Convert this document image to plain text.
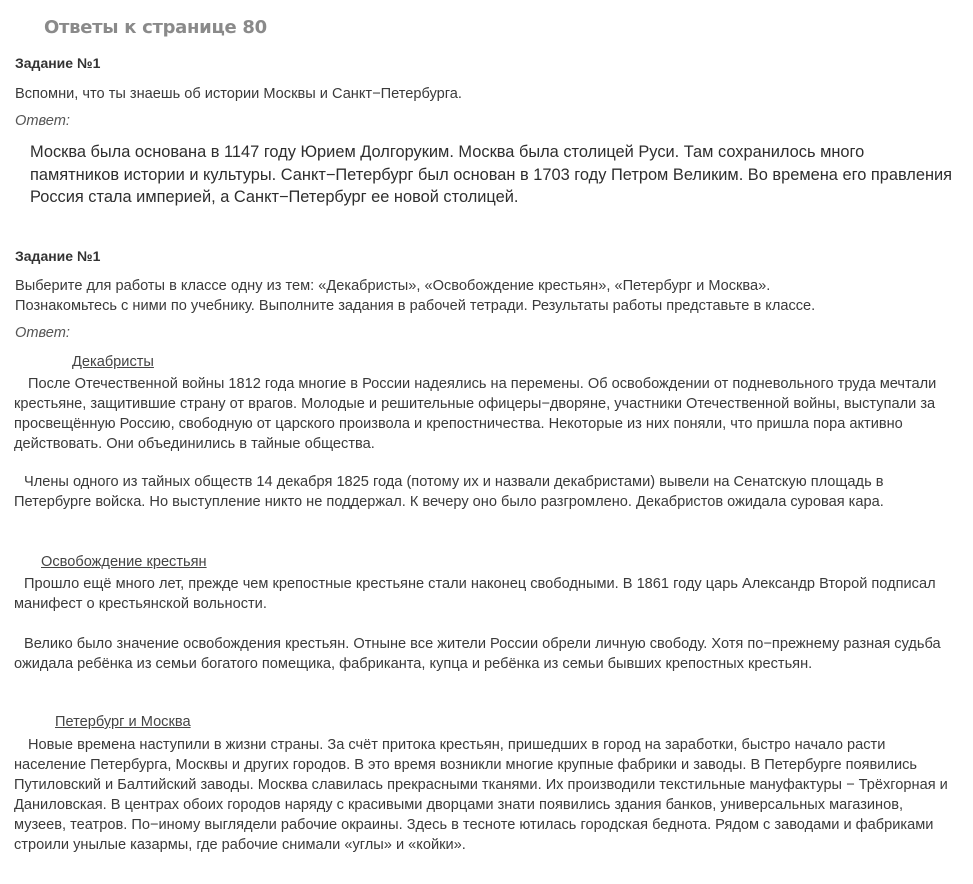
Ответы к странице 80
Задание №1
Вспомни, что ты знаешь об истории Москвы и Санкт−Петербурга.
Ответ:
Москва была основана в 1147 году Юрием Долгоруким. Москва была столицей Руси. Там сохранилось много памятников истории и культуры. Санкт−Петербург был основан в 1703 году Петром Великим. Во времена его правления Россия стала империей, а Санкт−Петербург ее новой столицей.
Задание №1
Выберите для работы в классе одну из тем: «Декабристы», «Освобождение крестьян», «Петербург и Москва».
Познакомьтесь с ними по учебнику. Выполните задания в рабочей тетради. Результаты работы представьте в классе.
Ответ:
Декабристы
После Отечественной войны 1812 года многие в России надеялись на перемены. Об освобождении от подневольного труда мечтали крестьяне, защитившие страну от врагов. Молодые и решительные офицеры−дворяне, участники Отечественной войны, выступали за просвещённую Россию, свободную от царского произвола и крепостничества. Некоторые из них поняли, что пришла пора активно действовать. Они объединились в тайные общества.
Члены одного из тайных обществ 14 декабря 1825 года (потому их и назвали декабристами) вывели на Сенатскую площадь в Петербурге войска. Но выступление никто не поддержал. К вечеру оно было разгромлено. Декабристов ожидала суровая кара.
Освобождение крестьян
Прошло ещё много лет, прежде чем крепостные крестьяне стали наконец свободными. В 1861 году царь Александр Второй подписал манифест о крестьянской вольности.
Велико было значение освобождения крестьян. Отныне все жители России обрели личную свободу. Хотя по−прежнему разная судьба ожидала ребёнка из семьи богатого помещика, фабриканта, купца и ребёнка из семьи бывших крепостных крестьян.
Петербург и Москва
Новые времена наступили в жизни страны. За счёт притока крестьян, пришедших в город на заработки, быстро начало расти население Петербурга, Москвы и других городов. В это время возникли многие крупные фабрики и заводы. В Петербурге появились Путиловский и Балтийский заводы. Москва славилась прекрасными тканями. Их производили текстильные мануфактуры − Трёхгорная и Даниловская. В центрах обоих городов наряду с красивыми дворцами знати появились здания банков, универсальных магазинов, музеев, театров. По−иному выглядели рабочие окраины. Здесь в тесноте ютилась городская беднота. Рядом с заводами и фабриками строили унылые казармы, где рабочие снимали «углы» и «койки».
